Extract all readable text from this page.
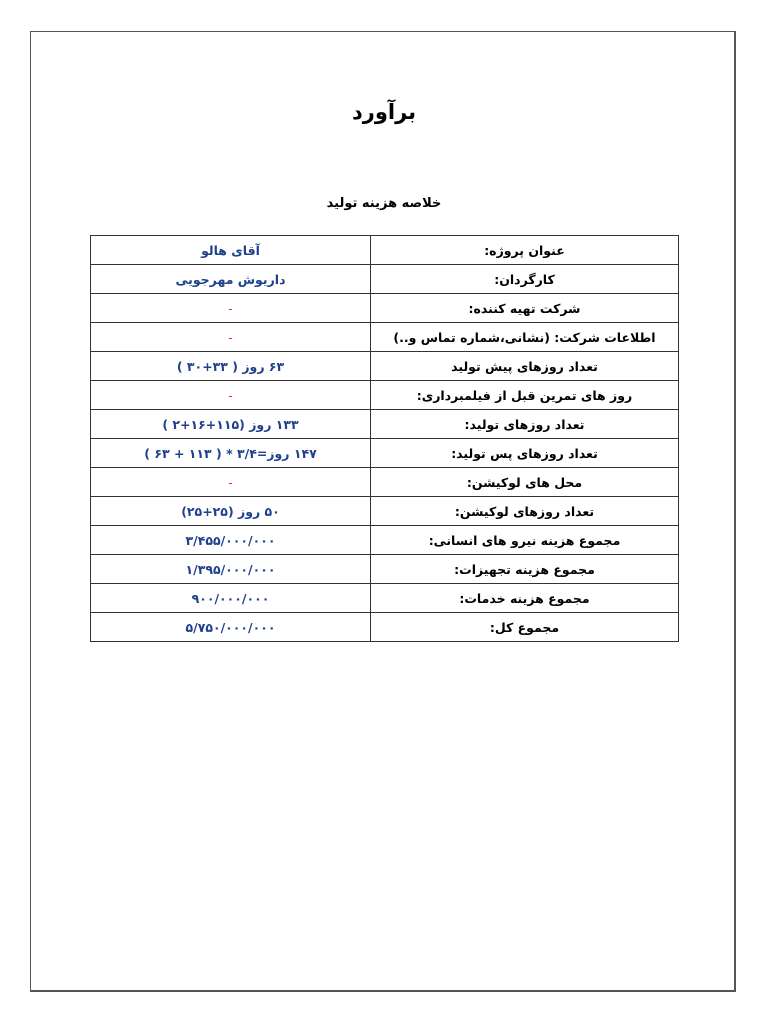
برآورد
خلاصه هزینه تولید
عنوان پروژه:	آقای هالو
کارگردان:	داریوش مهرجویی
شرکت تهیه کننده:	-
اطلاعات شرکت: (نشانی،شماره تماس و..)	-
تعداد روزهای پیش تولید	۶۳ روز ( ۳۳+۳۰ )
روز های تمرین قبل از فیلمبرداری:	-
تعداد روزهای تولید:	۱۳۳ روز (۱۱۵+۱۶+۲ )
تعداد روزهای پس تولید:	۱۴۷ روز=۳/۴ * ( ۱۱۳ + ۶۳ )
محل های لوکیشن:	-
تعداد روزهای لوکیشن:	۵۰ روز (۲۵+۲۵)
مجموع هزینه نیرو های انسانی:	۳/۴۵۵/۰۰۰/۰۰۰
مجموع هزینه تجهیزات:	۱/۳۹۵/۰۰۰/۰۰۰
مجموع هزینه خدمات:	۹۰۰/۰۰۰/۰۰۰
مجموع کل:	۵/۷۵۰/۰۰۰/۰۰۰
